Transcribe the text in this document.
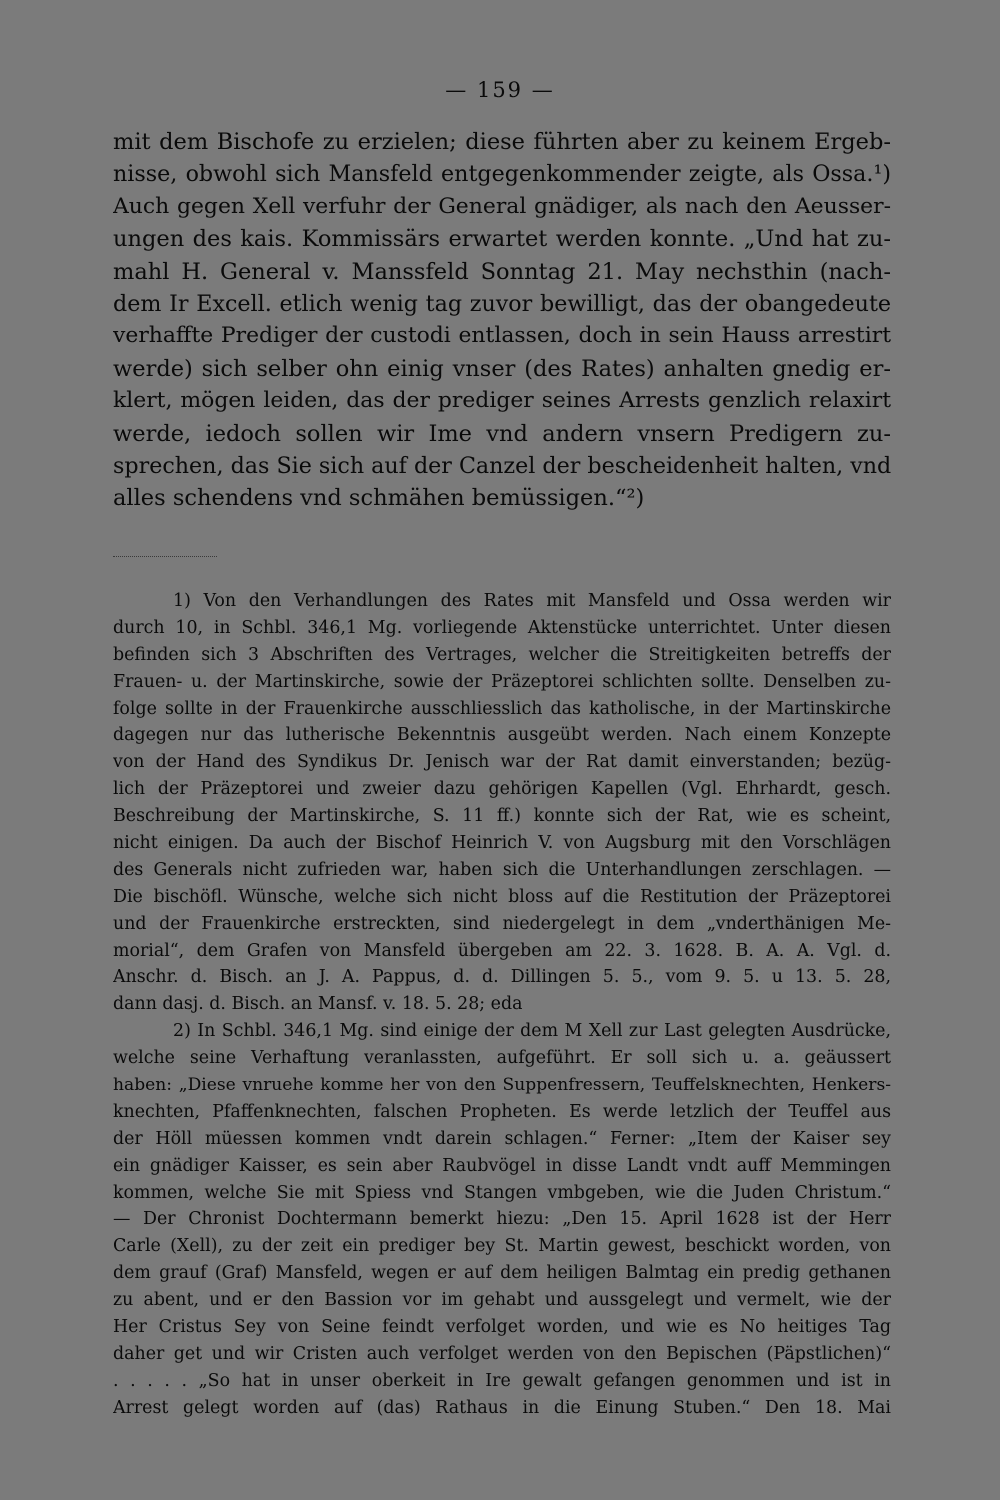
— 159 —
mit dem Bischofe zu erzielen; diese führten aber zu keinem Ergeb-
nisse, obwohl sich Mansfeld entgegenkommender zeigte, als Ossa.¹)
Auch gegen Xell verfuhr der General gnädiger, als nach den Aeusser-
ungen des kais. Kommissärs erwartet werden konnte. „Und hat zu-
mahl H. General v. Manssfeld Sonntag 21. May nechsthin (nach-
dem Ir Excell. etlich wenig tag zuvor bewilligt, das der obangedeute
verhaffte Prediger der custodi entlassen, doch in sein Hauss arrestirt
werde) sich selber ohn einig vnser (des Rates) anhalten gnedig er-
klert, mögen leiden, das der prediger seines Arrests genzlich relaxirt
werde, iedoch sollen wir Ime vnd andern vnsern Predigern zu-
sprechen, das Sie sich auf der Canzel der bescheidenheit halten, vnd
alles schendens vnd schmähen bemüssigen.“²)
1) Von den Verhandlungen des Rates mit Mansfeld und Ossa werden wir
durch 10, in Schbl. 346,1 Mg. vorliegende Aktenstücke unterrichtet. Unter diesen
befinden sich 3 Abschriften des Vertrages, welcher die Streitigkeiten betreffs der
Frauen- u. der Martinskirche, sowie der Präzeptorei schlichten sollte. Denselben zu-
folge sollte in der Frauenkirche ausschliesslich das katholische, in der Martinskirche
dagegen nur das lutherische Bekenntnis ausgeübt werden. Nach einem Konzepte
von der Hand des Syndikus Dr. Jenisch war der Rat damit einverstanden; bezüg-
lich der Präzeptorei und zweier dazu gehörigen Kapellen (Vgl. Ehrhardt, gesch.
Beschreibung der Martinskirche, S. 11 ff.) konnte sich der Rat, wie es scheint,
nicht einigen. Da auch der Bischof Heinrich V. von Augsburg mit den Vorschlägen
des Generals nicht zufrieden war, haben sich die Unterhandlungen zerschlagen. —
Die bischöfl. Wünsche, welche sich nicht bloss auf die Restitution der Präzeptorei
und der Frauenkirche erstreckten, sind niedergelegt in dem „vnderthänigen Me-
morial“, dem Grafen von Mansfeld übergeben am 22. 3. 1628. B. A. A. Vgl. d.
Anschr. d. Bisch. an J. A. Pappus, d. d. Dillingen 5. 5., vom 9. 5. u 13. 5. 28,
dann dasj. d. Bisch. an Mansf. v. 18. 5. 28; eda
2) In Schbl. 346,1 Mg. sind einige der dem M Xell zur Last gelegten Ausdrücke,
welche seine Verhaftung veranlassten, aufgeführt. Er soll sich u. a. geäussert
haben: „Diese vnruehe komme her von den Suppenfressern, Teuffelsknechten, Henkers-
knechten, Pfaffenknechten, falschen Propheten. Es werde letzlich der Teuffel aus
der Höll müessen kommen vndt darein schlagen.“ Ferner: „Item der Kaiser sey
ein gnädiger Kaisser, es sein aber Raubvögel in disse Landt vndt auff Memmingen
kommen, welche Sie mit Spiess vnd Stangen vmbgeben, wie die Juden Christum.“
— Der Chronist Dochtermann bemerkt hiezu: „Den 15. April 1628 ist der Herr
Carle (Xell), zu der zeit ein prediger bey St. Martin gewest, beschickt worden, von
dem grauf (Graf) Mansfeld, wegen er auf dem heiligen Balmtag ein predig gethanen
zu abent, und er den Bassion vor im gehabt und aussgelegt und vermelt, wie der
Her Cristus Sey von Seine feindt verfolget worden, und wie es No heitiges Tag
daher get und wir Cristen auch verfolget werden von den Bepischen (Päpstlichen)“
. . . . . „So hat in unser oberkeit in Ire gewalt gefangen genommen und ist in
Arrest gelegt worden auf (das) Rathaus in die Einung Stuben.“ Den 18. Mai
